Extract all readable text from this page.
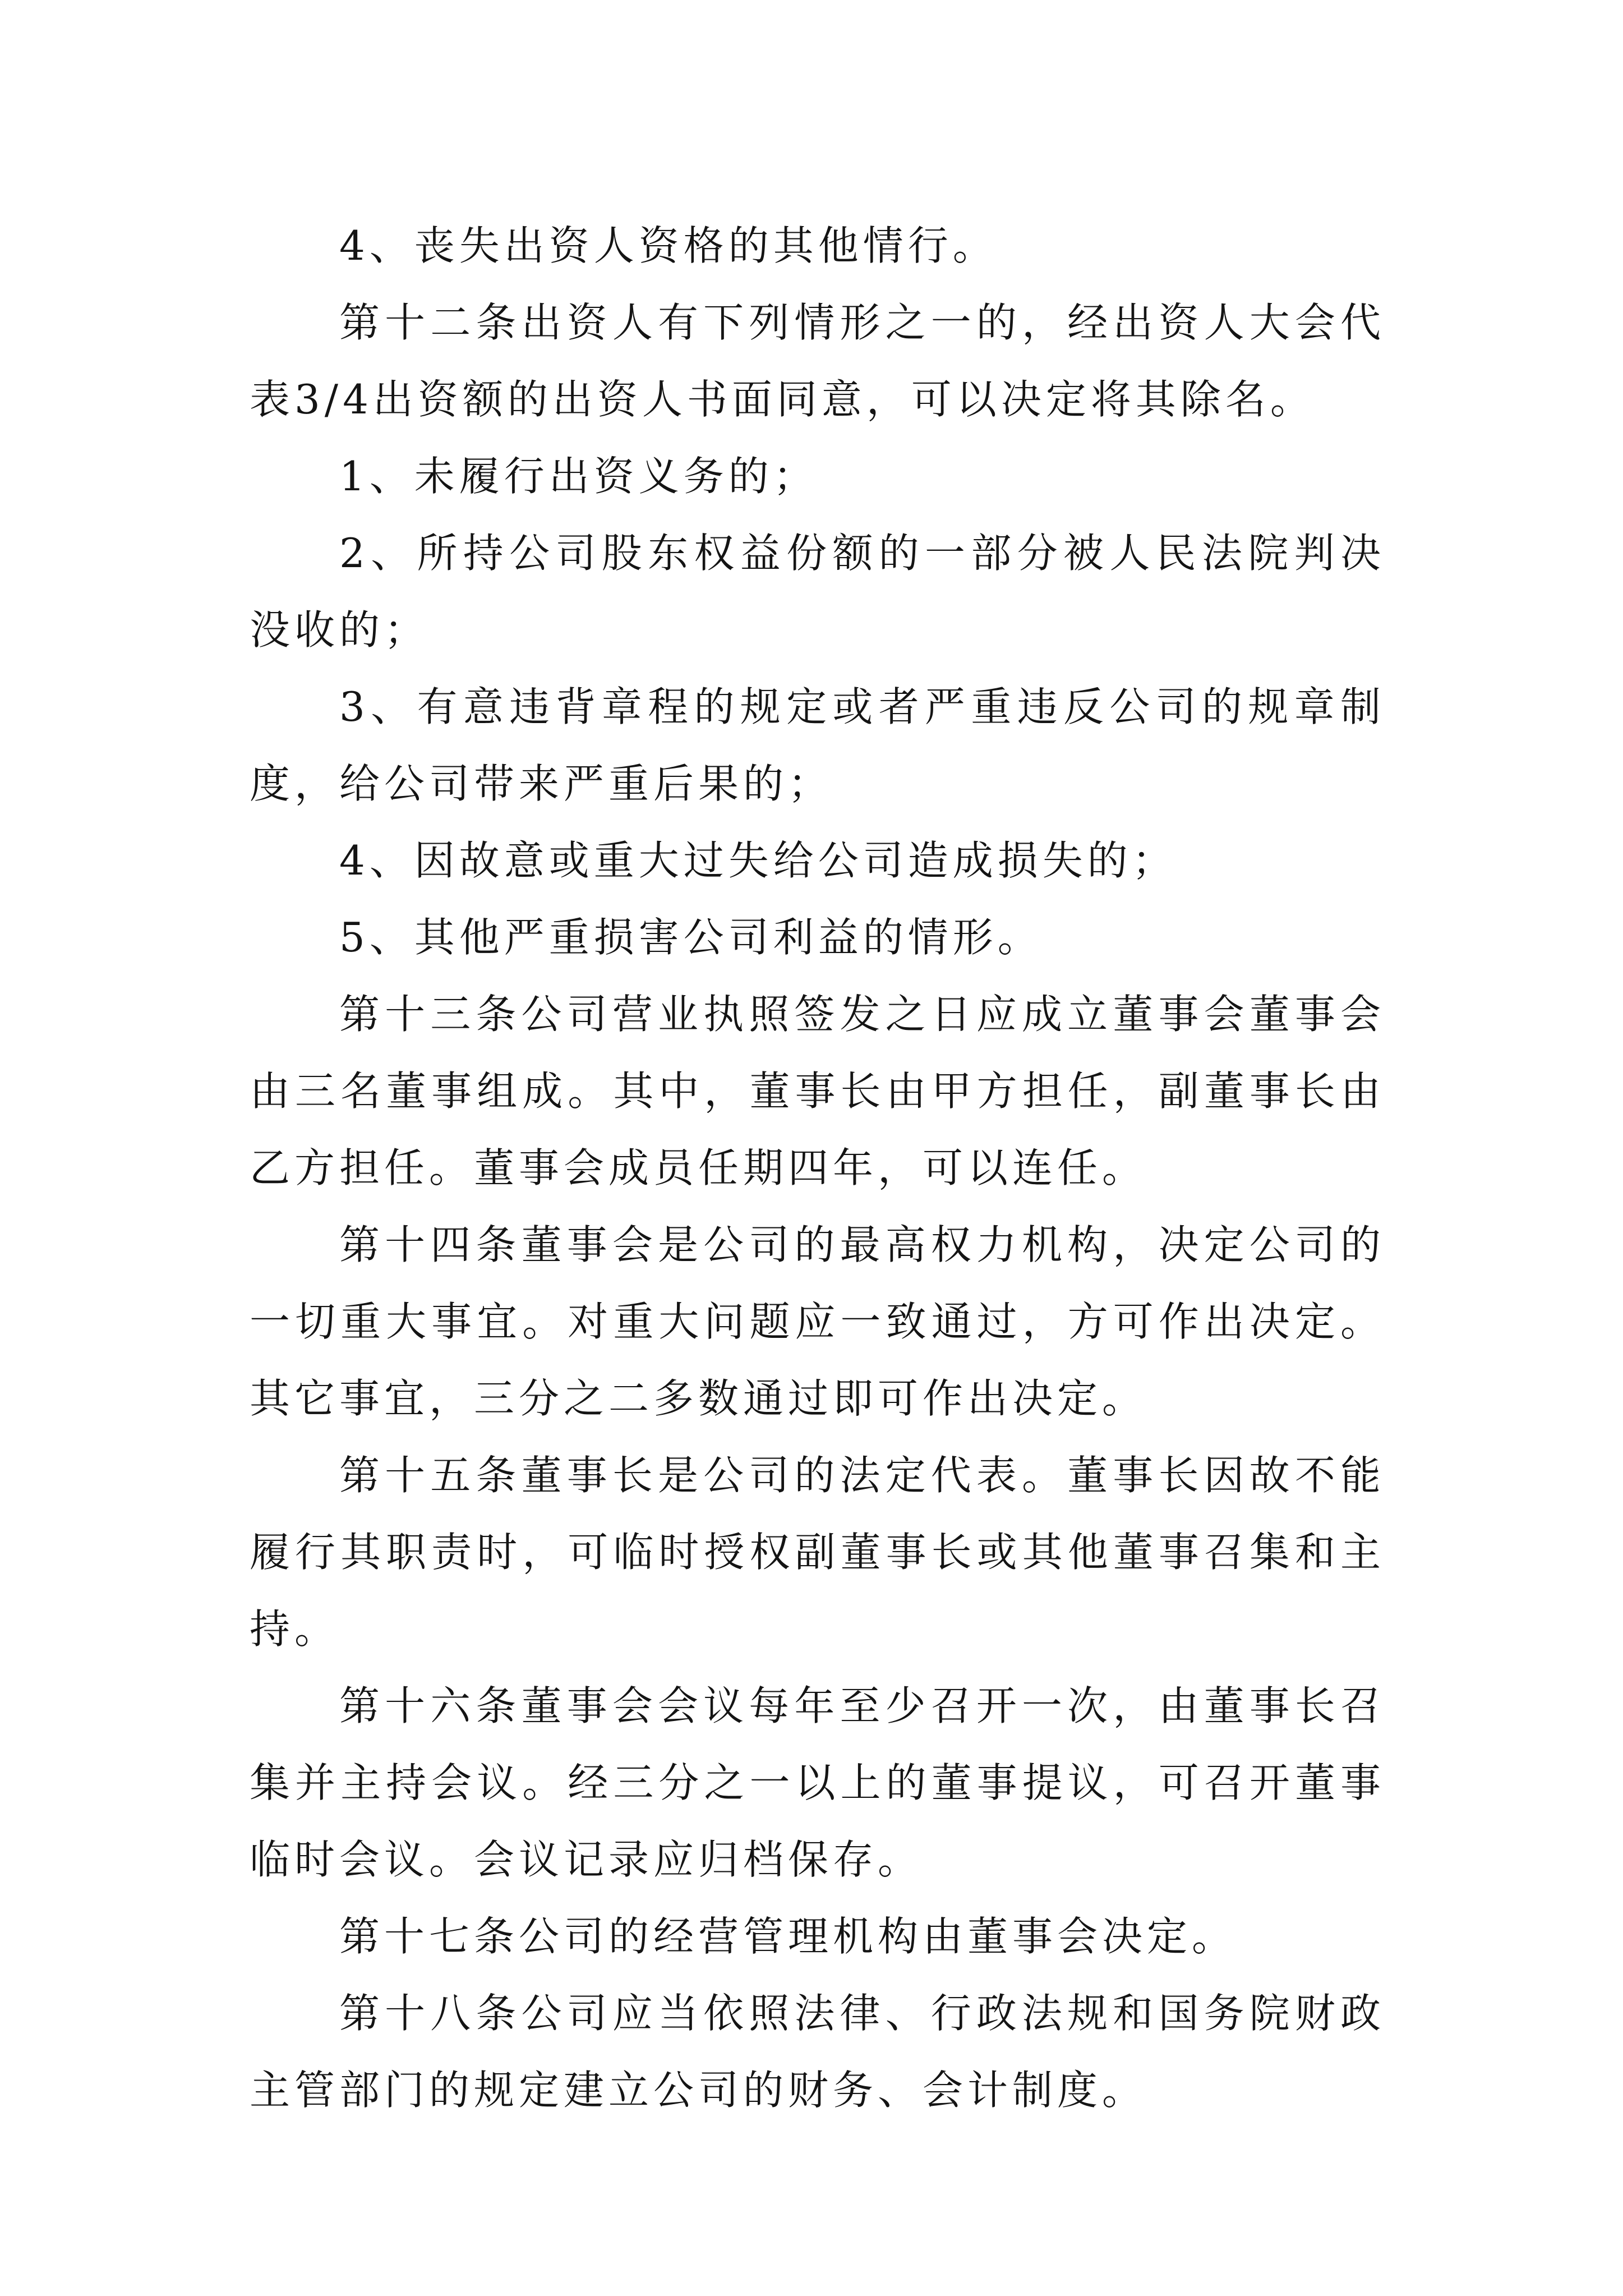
4、丧失出资人资格的其他情行。

第十二条出资人有下列情形之一的，经出资人大会代表3/4出资额的出资人书面同意，可以决定将其除名。

1、未履行出资义务的；

2、所持公司股东权益份额的一部分被人民法院判决没收的；

3、有意违背章程的规定或者严重违反公司的规章制度，给公司带来严重后果的；

4、因故意或重大过失给公司造成损失的；

5、其他严重损害公司利益的情形。

第十三条公司营业执照签发之日应成立董事会董事会由三名董事组成。其中，董事长由甲方担任，副董事长由乙方担任。董事会成员任期四年，可以连任。

第十四条董事会是公司的最高权力机构，决定公司的一切重大事宜。对重大问题应一致通过，方可作出决定。其它事宜，三分之二多数通过即可作出决定。

第十五条董事长是公司的法定代表。董事长因故不能履行其职责时，可临时授权副董事长或其他董事召集和主持。

第十六条董事会会议每年至少召开一次，由董事长召集并主持会议。经三分之一以上的董事提议，可召开董事临时会议。会议记录应归档保存。

第十七条公司的经营管理机构由董事会决定。

第十八条公司应当依照法律、行政法规和国务院财政主管部门的规定建立公司的财务、会计制度。
